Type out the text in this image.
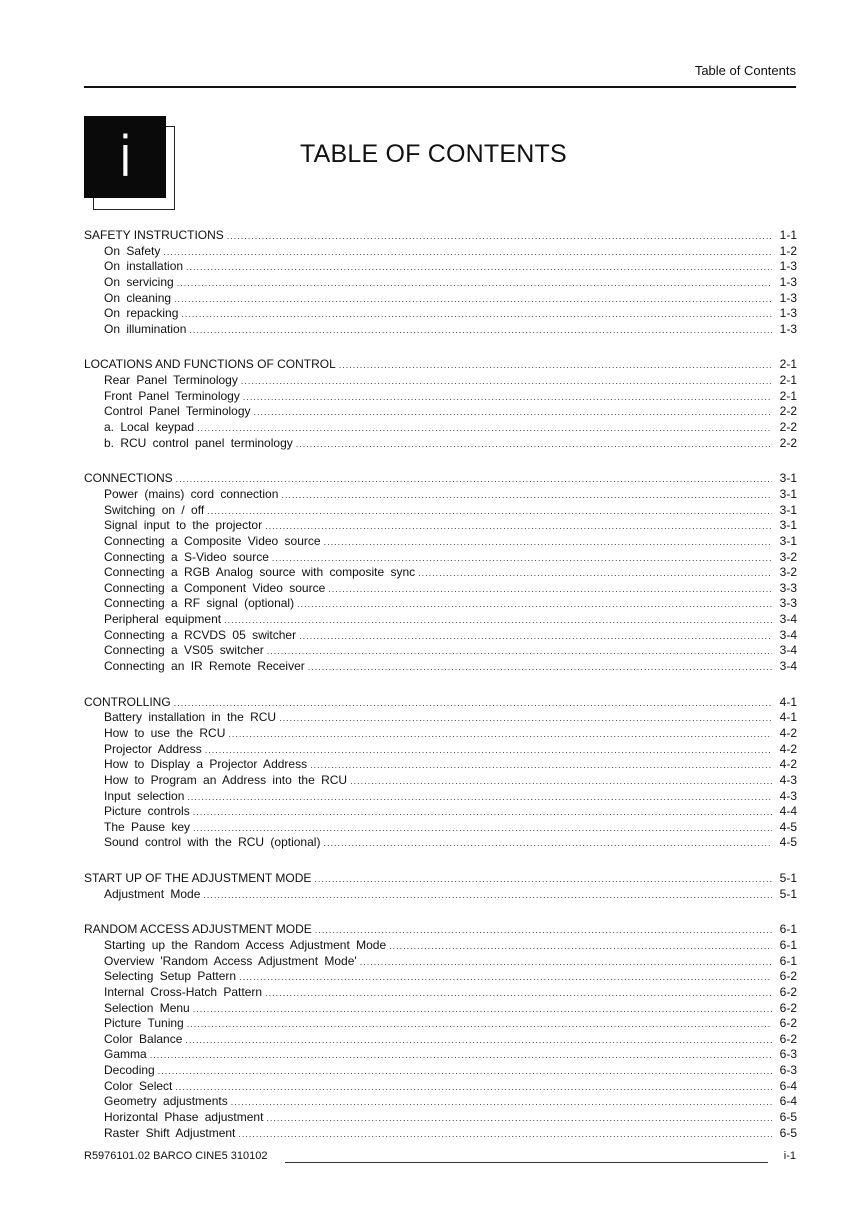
Table of Contents
i	TABLE OF CONTENTS
SAFETY INSTRUCTIONS .....	1-1
On Safety .....	1-2
On installation .....	1-3
On servicing .....	1-3
On cleaning .....	1-3
On repacking .....	1-3
On illumination .....	1-3
LOCATIONS AND FUNCTIONS OF CONTROL .....	2-1
Rear Panel Terminology .....	2-1
Front Panel Terminology .....	2-1
Control Panel Terminology .....	2-2
a. Local keypad .....	2-2
b. RCU control panel terminology .....	2-2
CONNECTIONS .....	3-1
Power (mains) cord connection .....	3-1
Switching on / off .....	3-1
Signal input to the projector .....	3-1
Connecting a Composite Video source .....	3-1
Connecting a S-Video source .....	3-2
Connecting a RGB Analog source with composite sync .....	3-2
Connecting a Component Video source .....	3-3
Connecting a RF signal (optional) .....	3-3
Peripheral equipment .....	3-4
Connecting a RCVDS 05 switcher .....	3-4
Connecting a VS05 switcher .....	3-4
Connecting an IR Remote Receiver .....	3-4
CONTROLLING .....	4-1
Battery installation in the RCU .....	4-1
How to use the RCU .....	4-2
Projector Address .....	4-2
How to Display a Projector Address .....	4-2
How to Program an Address into the RCU .....	4-3
Input selection .....	4-3
Picture controls .....	4-4
The Pause key .....	4-5
Sound control with the RCU (optional) .....	4-5
START UP OF THE ADJUSTMENT MODE .....	5-1
Adjustment Mode .....	5-1
RANDOM ACCESS ADJUSTMENT MODE .....	6-1
Starting up the Random Access Adjustment Mode .....	6-1
Overview 'Random Access Adjustment Mode' .....	6-1
Selecting Setup Pattern .....	6-2
Internal Cross-Hatch Pattern .....	6-2
Selection Menu .....	6-2
Picture Tuning .....	6-2
Color Balance .....	6-2
Gamma .....	6-3
Decoding .....	6-3
Color Select .....	6-4
Geometry adjustments .....	6-4
Horizontal Phase adjustment .....	6-5
Raster Shift Adjustment .....	6-5
R5976101.02 BARCO CINE5 310102	i-1
